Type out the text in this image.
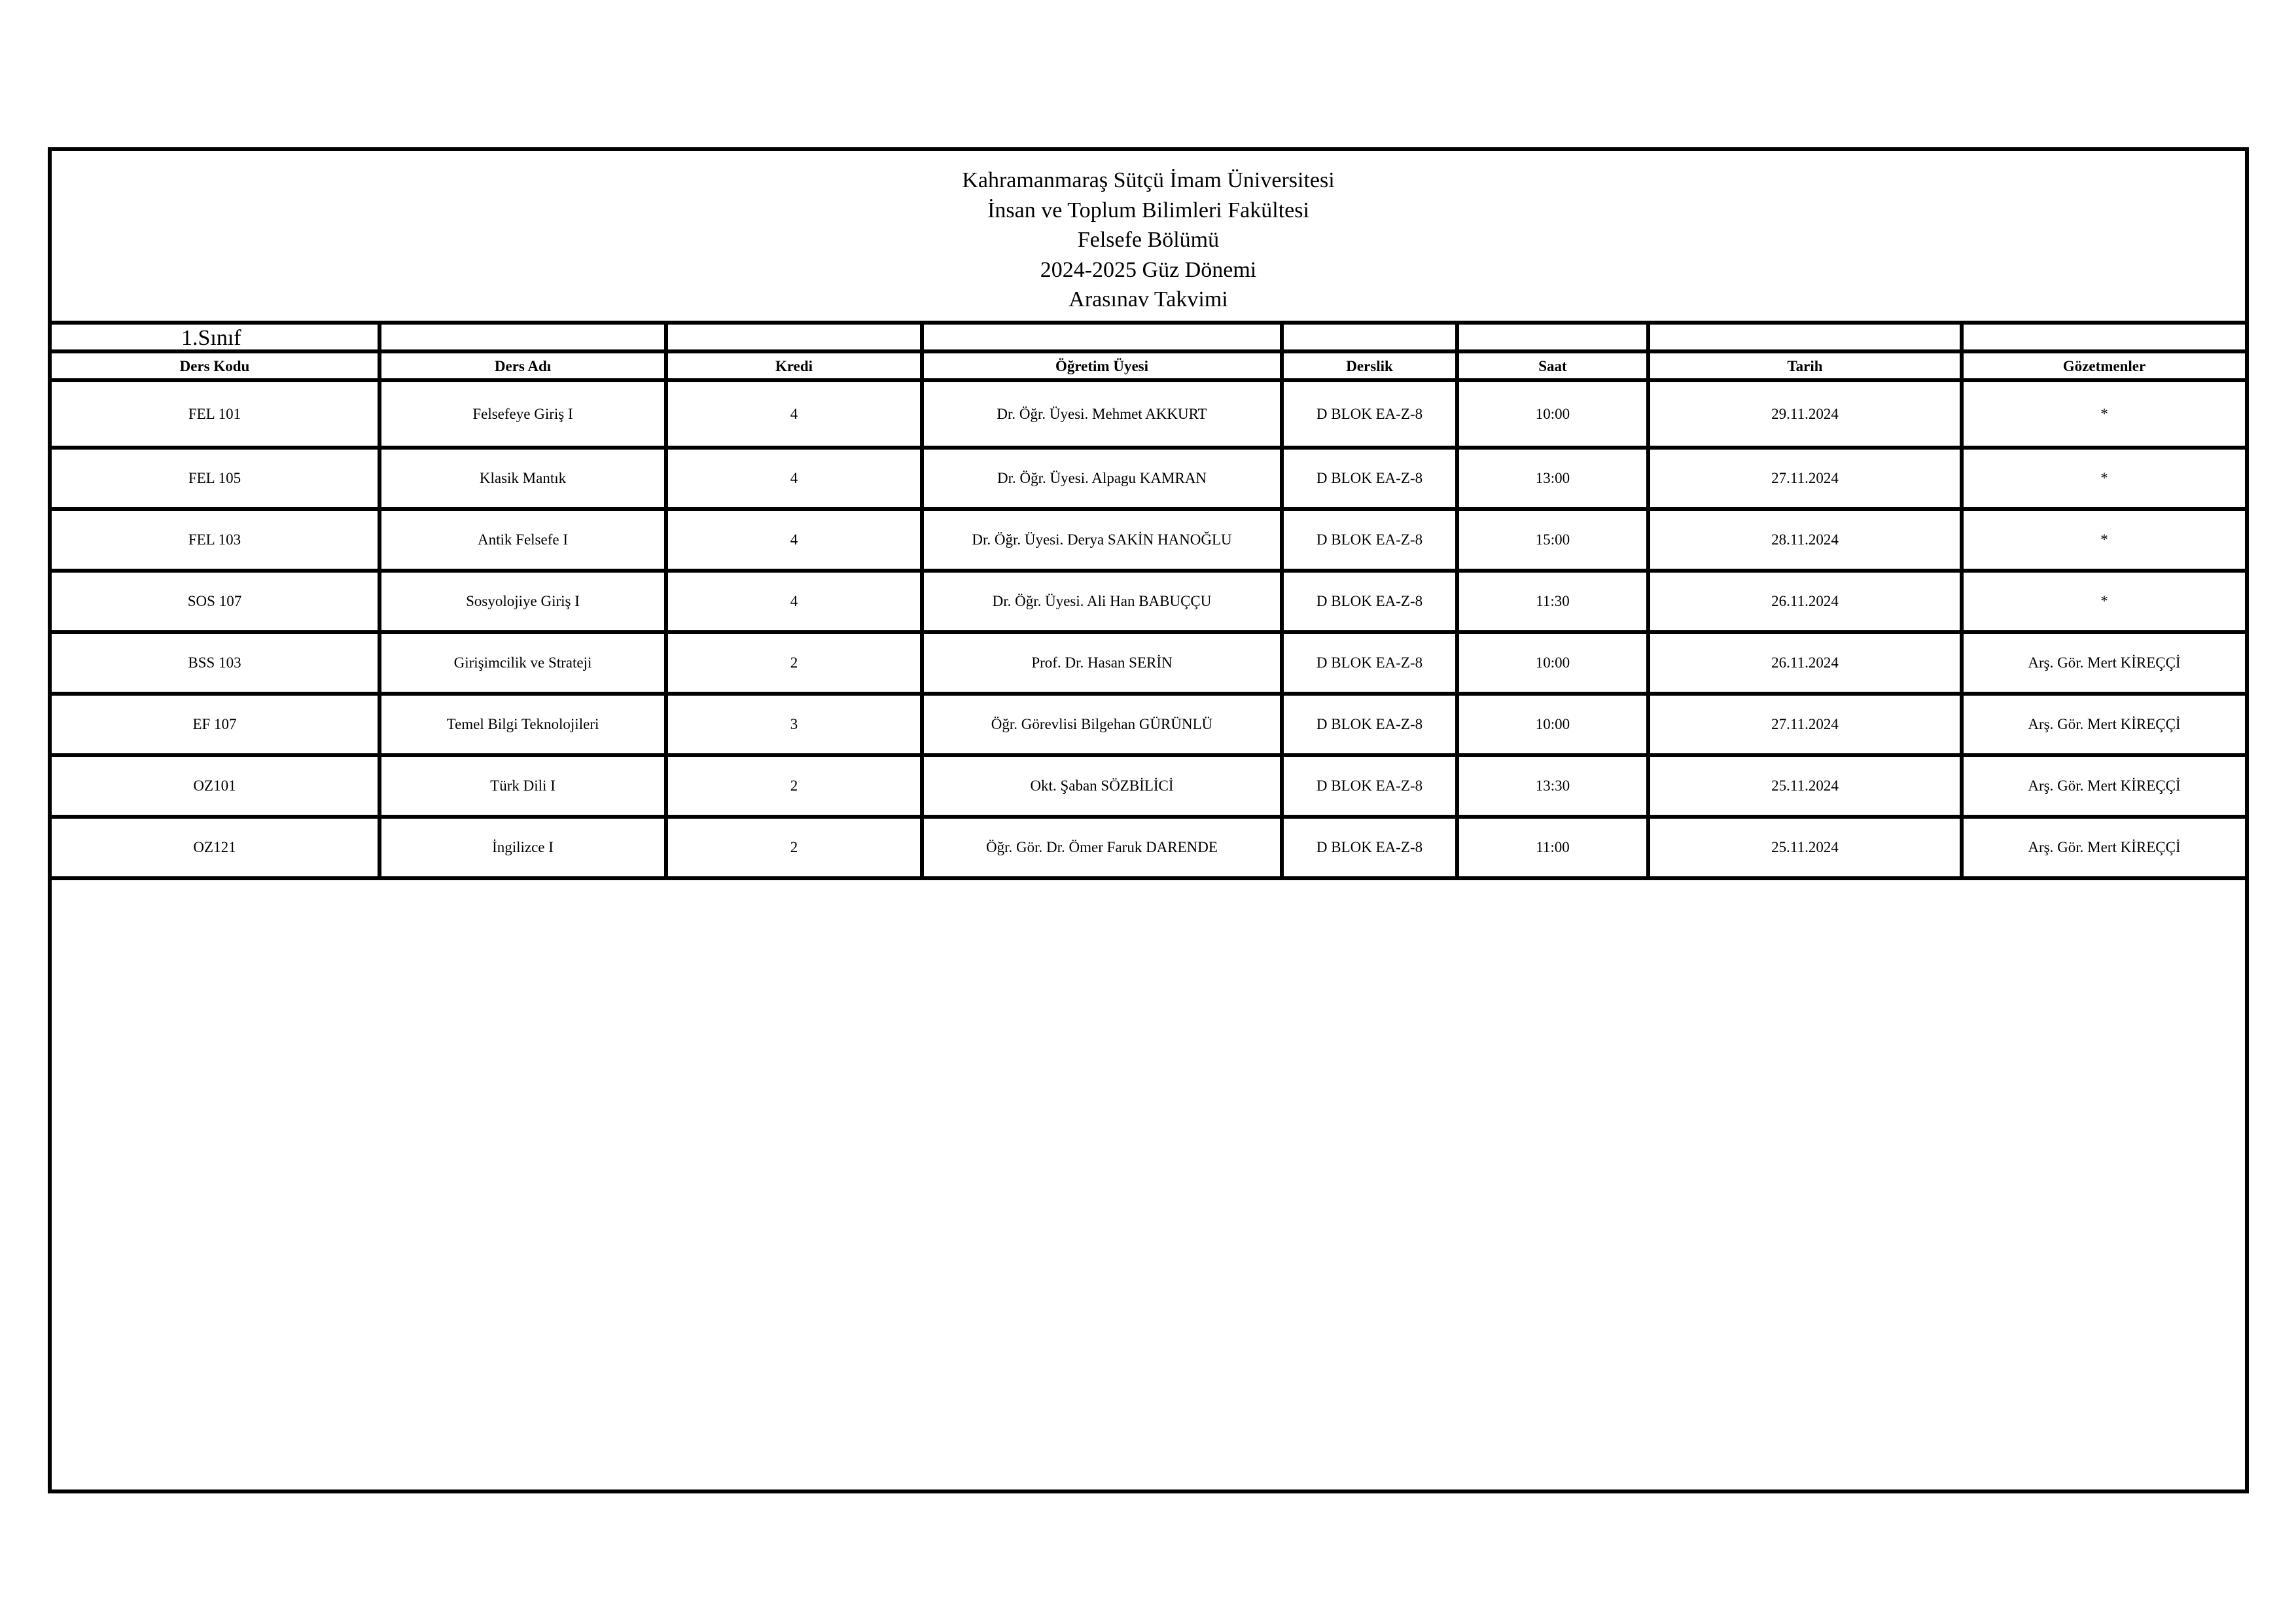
Kahramanmaraş Sütçü İmam Üniversitesi
İnsan ve Toplum Bilimleri Fakültesi
Felsefe Bölümü
2024-2025 Güz Dönemi
Arasınav Takvimi
1.Sınıf							
Ders Kodu	Ders Adı	Kredi	Öğretim Üyesi	Derslik	Saat	Tarih	Gözetmenler
FEL 101	Felsefeye Giriş I	4	Dr. Öğr. Üyesi. Mehmet AKKURT	D BLOK EA-Z-8	10:00	29.11.2024	*
FEL 105	Klasik Mantık	4	Dr. Öğr. Üyesi. Alpagu KAMRAN	D BLOK EA-Z-8	13:00	27.11.2024	*
FEL 103	Antik Felsefe I	4	Dr. Öğr. Üyesi. Derya SAKİN HANOĞLU	D BLOK EA-Z-8	15:00	28.11.2024	*
SOS 107	Sosyolojiye Giriş I	4	Dr. Öğr. Üyesi. Ali Han BABUÇÇU	D BLOK EA-Z-8	11:30	26.11.2024	*
BSS 103	Girişimcilik ve Strateji	2	Prof. Dr. Hasan SERİN	D BLOK EA-Z-8	10:00	26.11.2024	Arş. Gör. Mert KİREÇÇİ
EF 107	Temel Bilgi Teknolojileri	3	Öğr. Görevlisi Bilgehan GÜRÜNLÜ	D BLOK EA-Z-8	10:00	27.11.2024	Arş. Gör. Mert KİREÇÇİ
OZ101	Türk Dili I	2	Okt. Şaban SÖZBİLİCİ	D BLOK EA-Z-8	13:30	25.11.2024	Arş. Gör. Mert KİREÇÇİ
OZ121	İngilizce I	2	Öğr. Gör. Dr. Ömer Faruk DARENDE	D BLOK EA-Z-8	11:00	25.11.2024	Arş. Gör. Mert KİREÇÇİ
